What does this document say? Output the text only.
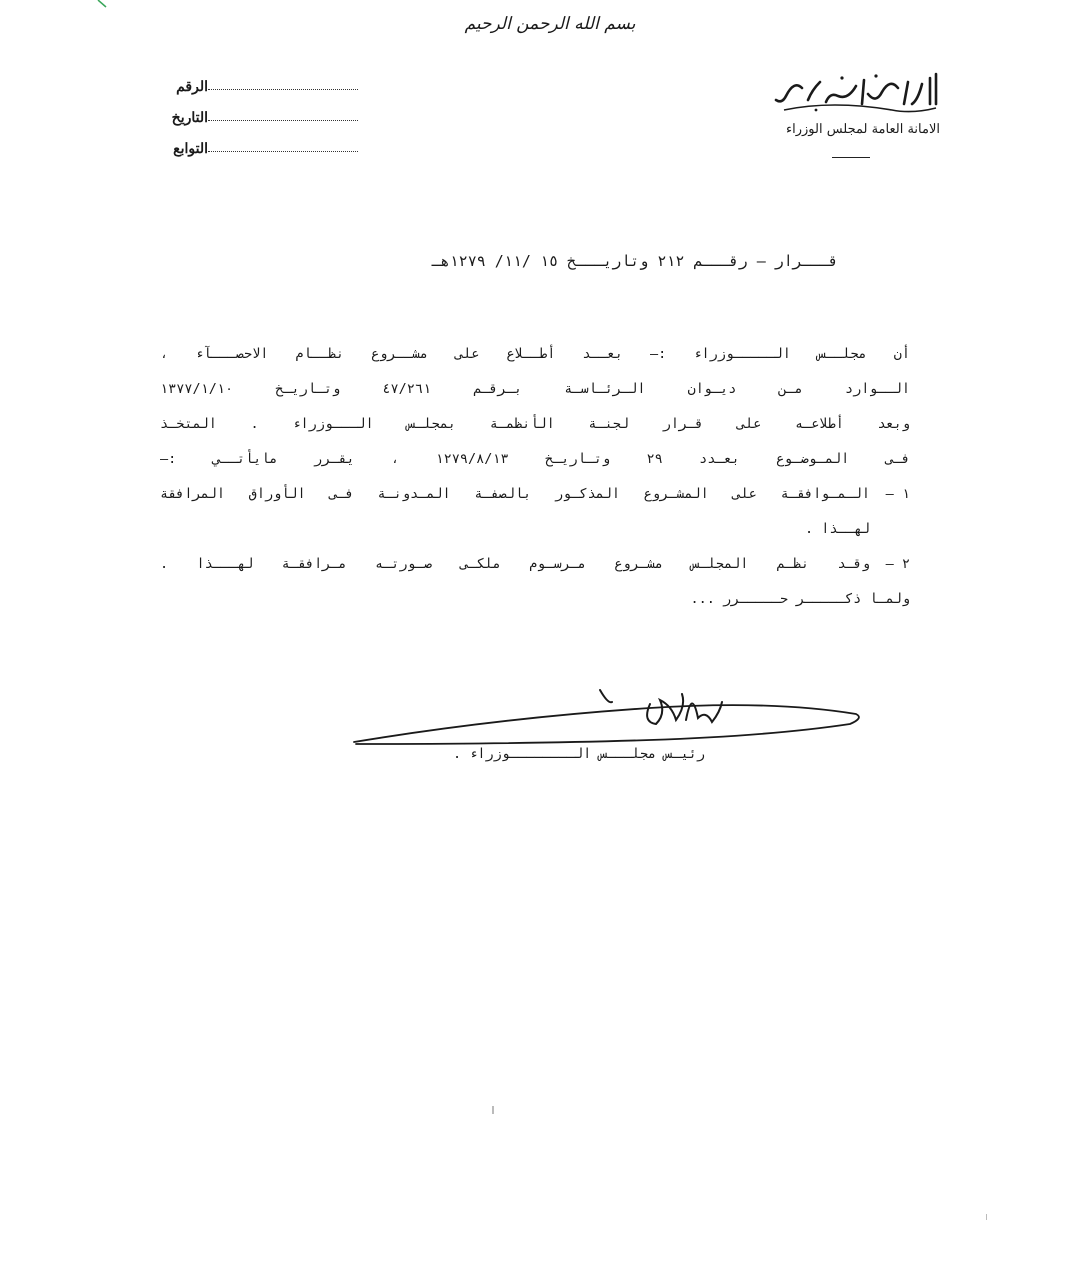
بسم الله الرحمن الرحيم
الرقم
التاريخ
التوابع
الامانة العامة لمجلس الوزراء
قـــرار – رقـــم ٢١٢ وتاريـــخ ١٥ /١١/ ١٢٧٩هـ
أن مجلــس الـــــوزراء :– بعــد أطــلاع على مشــروع نظــام الاحصـــآء ،
الــوارد مـن ديـوان الـرئـاسـة بـرقـم ٤٧/٢٦١ وتـاريـخ ١٣٧٧/١/١٠
وبعد أطلاعـه على قـرار لجنـة الأنظمـة بمجلـس الـــوزراء . المتخـذ
فـى المـوضـوع بعـدد ٢٩ وتـاريـخ ١٢٧٩/٨/١٣ ، يقـرر مايأتــي :–
١ –
الـمـوافقـة على المشـروع المذكـور بالصفـة المـدونـة فـى الأوراق المرافقة
لهــذا .
٢ –
وقـد نظـم المجلـس مشـروع مـرسـوم ملكـى صـورتـه مـرافقـة لهـــذا .
ولمـا ذكـــــر حـــــرر ...
رئيـس مجلـــس الــــــــوزراء .
